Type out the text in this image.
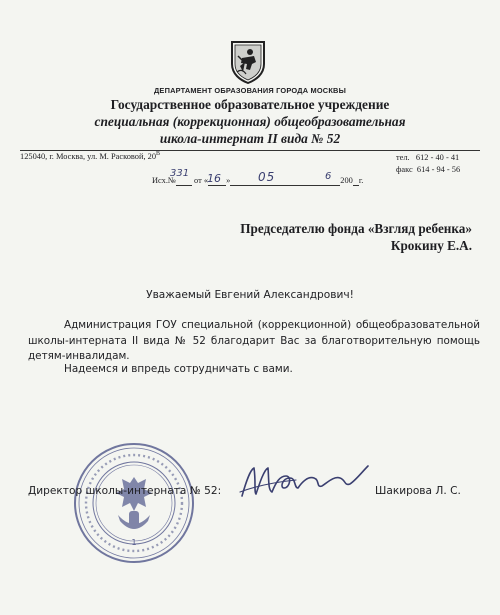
ДЕПАРТАМЕНТ ОБРАЗОВАНИЯ ГОРОДА МОСКВЫ
Государственное образовательное учреждение
специальная (коррекционная) общеобразовательная
школа-интернат II вида № 52
125040, г. Москва, ул. М. Расковой, $20^В$	тел.   612 - 40 - 41
факс  614 - 94 - 56
Исх.№ от « »	200 г.
331 16	05	6
Председателю фонда «Взгляд ребенка»
Крокину Е.А.
Уважаемый Евгений Александрович!
Администрация ГОУ специальной (коррекционной) общеобразовательной школы-интерната II вида № 52 благодарит Вас за благотворительную помощь детям-инвалидам.
Надеемся и впредь сотрудничать с вами.
1
Директор школы-интерната № 52:	Шакирова Л. С.
